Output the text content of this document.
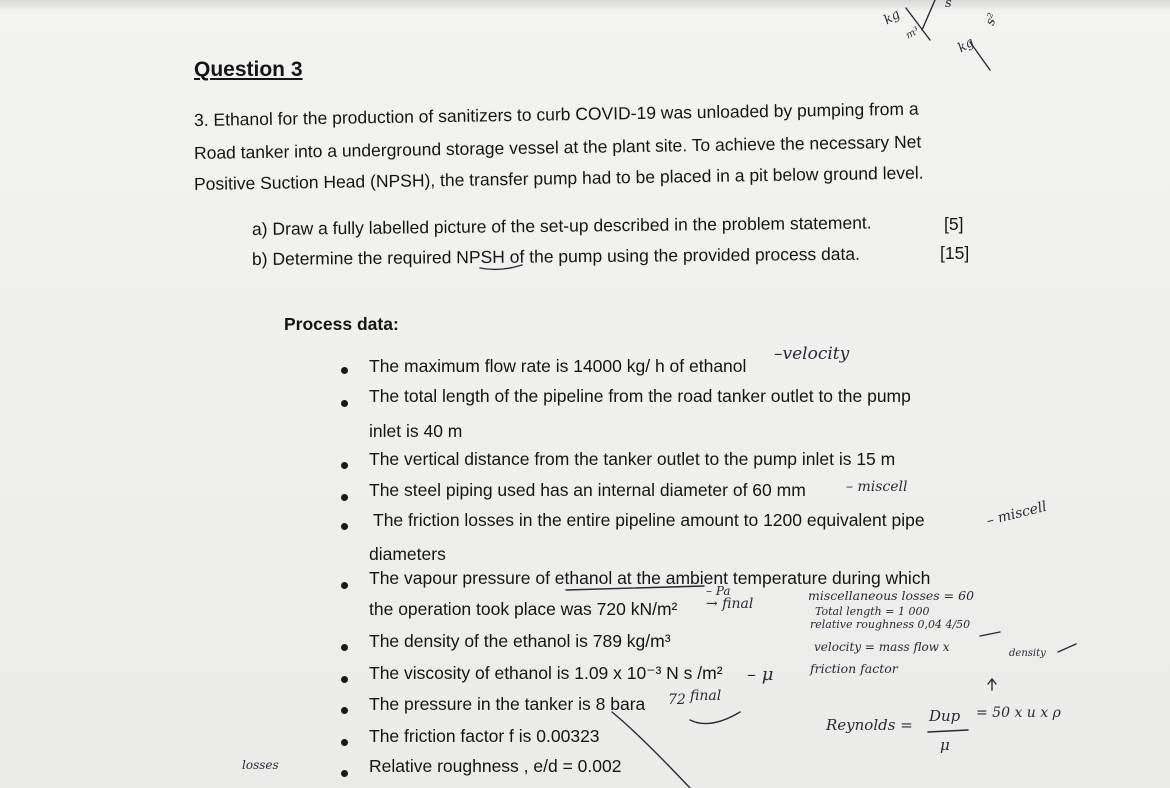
Question 3
3. Ethanol for the production of sanitizers to curb COVID-19 was unloaded by pumping from a
Road tanker into a underground storage vessel at the plant site. To achieve the necessary Net
Positive Suction Head (NPSH), the transfer pump had to be placed in a pit below ground level.
a) Draw a fully labelled picture of the set-up described in the problem statement.	[5]
b) Determine the required NPSH of the pump using the provided process data.	[15]
Process data:
The maximum flow rate is 14000 kg/ h of ethanol
The total length of the pipeline from the road tanker outlet to the pump
inlet is 40 m
The vertical distance from the tanker outlet to the pump inlet is 15 m
The steel piping used has an internal diameter of 60 mm
The friction losses in the entire pipeline amount to 1200 equivalent pipe
diameters
The vapour pressure of ethanol at the ambient temperature during which
the operation took place was 720 kN/m²
The density of the ethanol is 789 kg/m³
The viscosity of ethanol is 1.09 x 10⁻³ N s /m²
The pressure in the tanker is 8 bara
The friction factor f is 0.00323
Relative roughness , e/d = 0.002
–velocity
– miscell
– miscell
– Pa
→ final
– μ
72 final
miscellaneous losses = 60
Total length = 1 000
relative roughness 0,04 4/50
velocity = mass flow x	density
friction factor
Reynolds = Dup
μ
= 50 x u x ρ
losses
kg
m³
s
kg
s²
